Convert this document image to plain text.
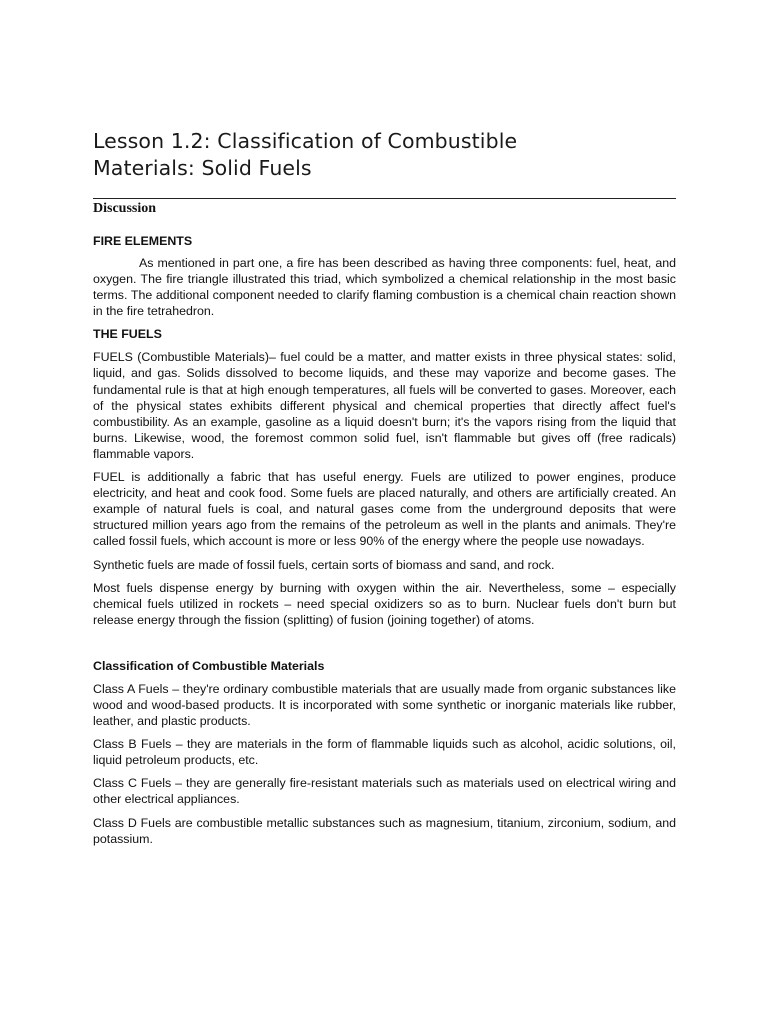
Lesson 1.2: Classification of Combustible
Materials: Solid Fuels
Discussion
FIRE ELEMENTS

As mentioned in part one, a fire has been described as having three components: fuel, heat, and oxygen. The fire triangle illustrated this triad, which symbolized a chemical relationship in the most basic terms. The additional component needed to clarify flaming combustion is a chemical chain reaction shown in the fire tetrahedron.

THE FUELS

FUELS (Combustible Materials)– fuel could be a matter, and matter exists in three physical states: solid, liquid, and gas. Solids dissolved to become liquids, and these may vaporize and become gases. The fundamental rule is that at high enough temperatures, all fuels will be converted to gases. Moreover, each of the physical states exhibits different physical and chemical properties that directly affect fuel's combustibility. As an example, gasoline as a liquid doesn't burn; it's the vapors rising from the liquid that burns. Likewise, wood, the foremost common solid fuel, isn't flammable but gives off (free radicals) flammable vapors.

FUEL is additionally a fabric that has useful energy. Fuels are utilized to power engines, produce electricity, and heat and cook food. Some fuels are placed naturally, and others are artificially created. An example of natural fuels is coal, and natural gases come from the underground deposits that were structured million years ago from the remains of the petroleum as well in the plants and animals. They're called fossil fuels, which account is more or less 90% of the energy where the people use nowadays.

Synthetic fuels are made of fossil fuels, certain sorts of biomass and sand, and rock.

Most fuels dispense energy by burning with oxygen within the air. Nevertheless, some – especially chemical fuels utilized in rockets – need special oxidizers so as to burn. Nuclear fuels don't burn but release energy through the fission (splitting) of fusion (joining together) of atoms.

Classification of Combustible Materials

Class A Fuels – they're ordinary combustible materials that are usually made from organic substances like wood and wood-based products. It is incorporated with some synthetic or inorganic materials like rubber, leather, and plastic products.

Class B Fuels – they are materials in the form of flammable liquids such as alcohol, acidic solutions, oil, liquid petroleum products, etc.

Class C Fuels – they are generally fire-resistant materials such as materials used on electrical wiring and other electrical appliances.

Class D Fuels are combustible metallic substances such as magnesium, titanium, zirconium, sodium, and potassium.
